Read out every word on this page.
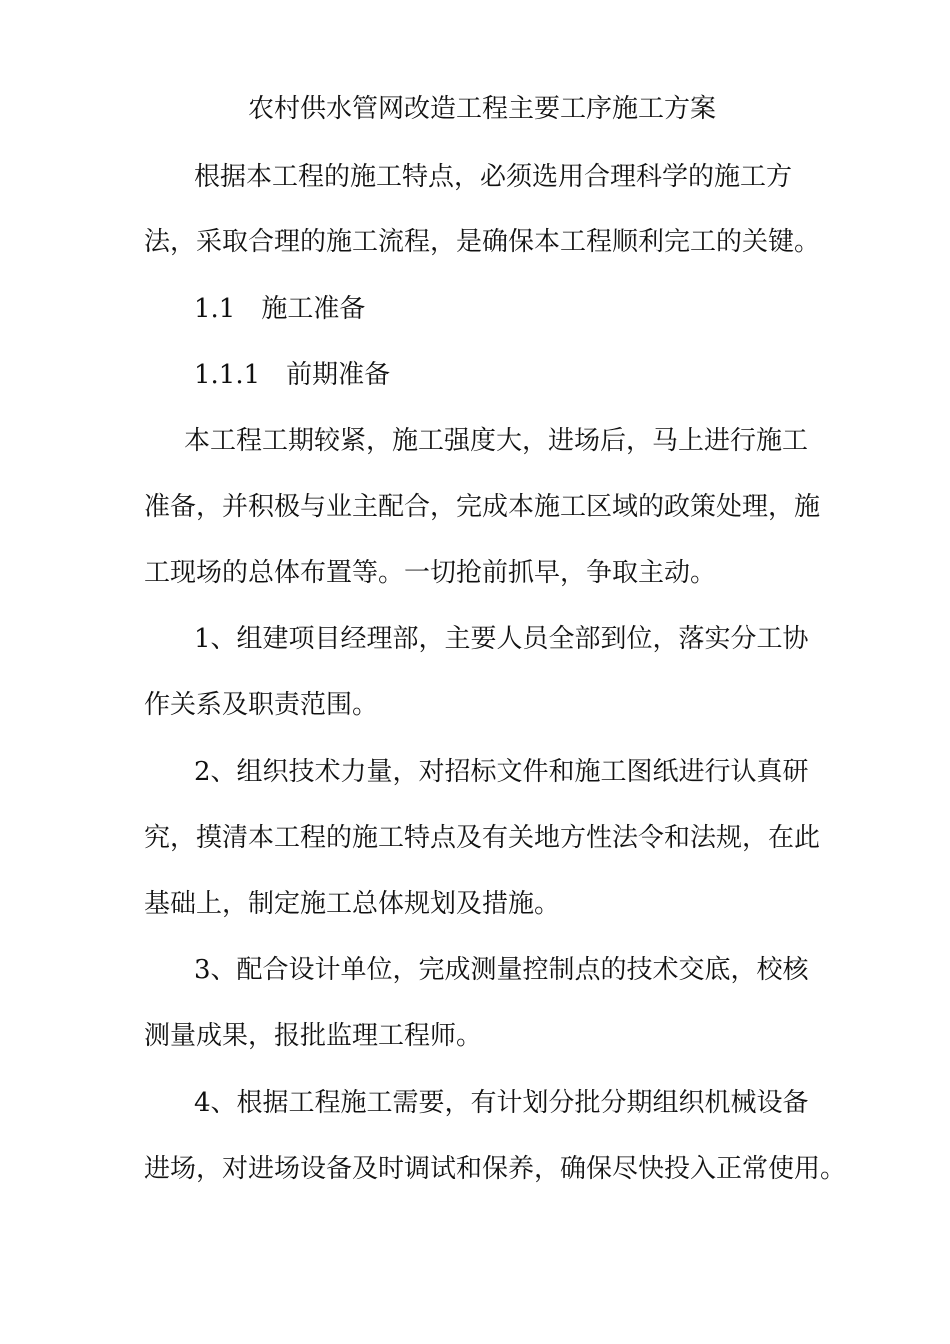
农村供水管网改造工程主要工序施工方案

根据本工程的施工特点，必须选用合理科学的施工方

法，采取合理的施工流程，是确保本工程顺利完工的关键。

1.1　施工准备

1.1.1　前期准备

本工程工期较紧，施工强度大，进场后，马上进行施工

准备，并积极与业主配合，完成本施工区域的政策处理，施

工现场的总体布置等。一切抢前抓早，争取主动。

1、组建项目经理部，主要人员全部到位，落实分工协

作关系及职责范围。

2、组织技术力量，对招标文件和施工图纸进行认真研

究，摸清本工程的施工特点及有关地方性法令和法规，在此

基础上，制定施工总体规划及措施。

3、配合设计单位，完成测量控制点的技术交底，校核

测量成果，报批监理工程师。

4、根据工程施工需要，有计划分批分期组织机械设备

进场，对进场设备及时调试和保养，确保尽快投入正常使用。
